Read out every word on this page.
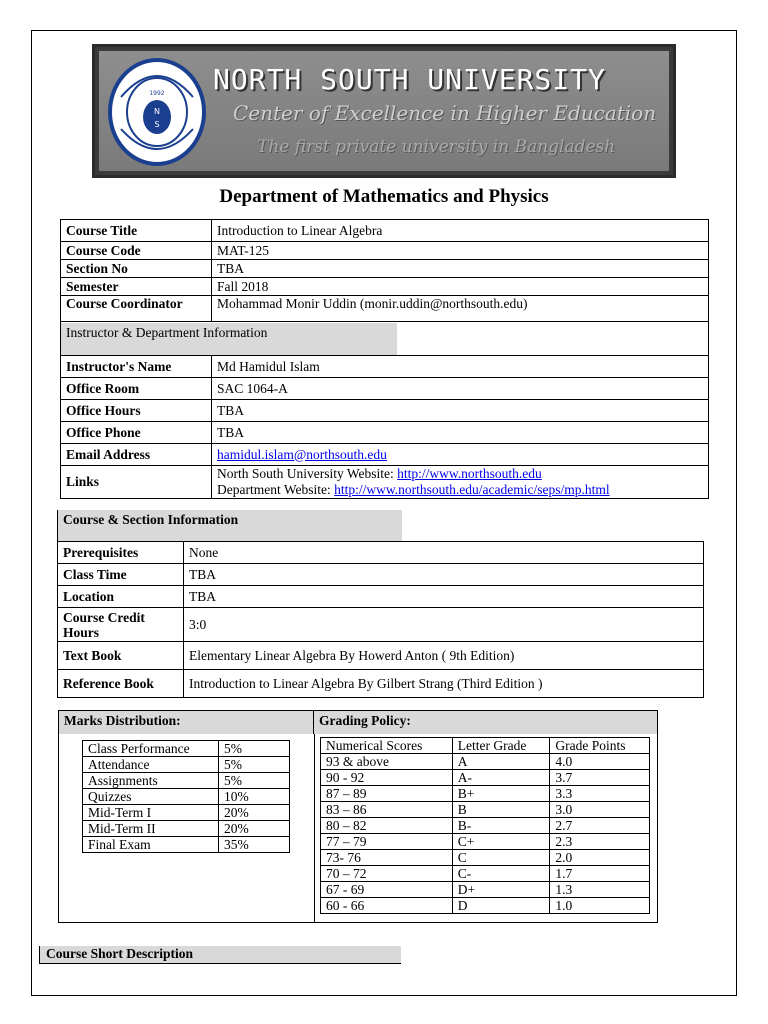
N
S
1992 NORTH SOUTH UNIVERSITY
Center of Excellence in Higher Education
The first private university in Bangladesh
Department of Mathematics and Physics
Course Title	Introduction to Linear Algebra
Course Code	MAT-125
Section No	TBA
Semester	Fall 2018
Course Coordinator	Mohammad Monir Uddin (monir.uddin@northsouth.edu)
Instructor & Department Information
Instructor's Name	Md Hamidul Islam
Office Room	SAC 1064-A
Office Hours	TBA
Office Phone	TBA
Email Address	hamidul.islam@northsouth.edu
Links	North South University Website: http://www.northsouth.edu
Department Website: http://www.northsouth.edu/academic/seps/mp.html
Course & Section Information
Prerequisites	None
Class Time	TBA
Location	TBA
Course Credit Hours	3:0
Text Book	Elementary Linear Algebra By Howerd Anton ( 9th Edition)
Reference Book	Introduction to Linear Algebra By Gilbert Strang (Third Edition )
Marks Distribution:	Grading Policy:
Class Performance	5%
Attendance	5%
Assignments	5%
Quizzes	10%
Mid-Term I	20%
Mid-Term II	20%
Final Exam	35%
Numerical Scores	Letter Grade	Grade Points
93 & above	A	4.0
90 - 92	A-	3.7
87 – 89	B+	3.3
83 – 86	B	3.0
80 – 82	B-	2.7
77 – 79	C+	2.3
73- 76	C	2.0
70 – 72	C-	1.7
67 - 69	D+	1.3
60 - 66	D	1.0
Course Short Description
